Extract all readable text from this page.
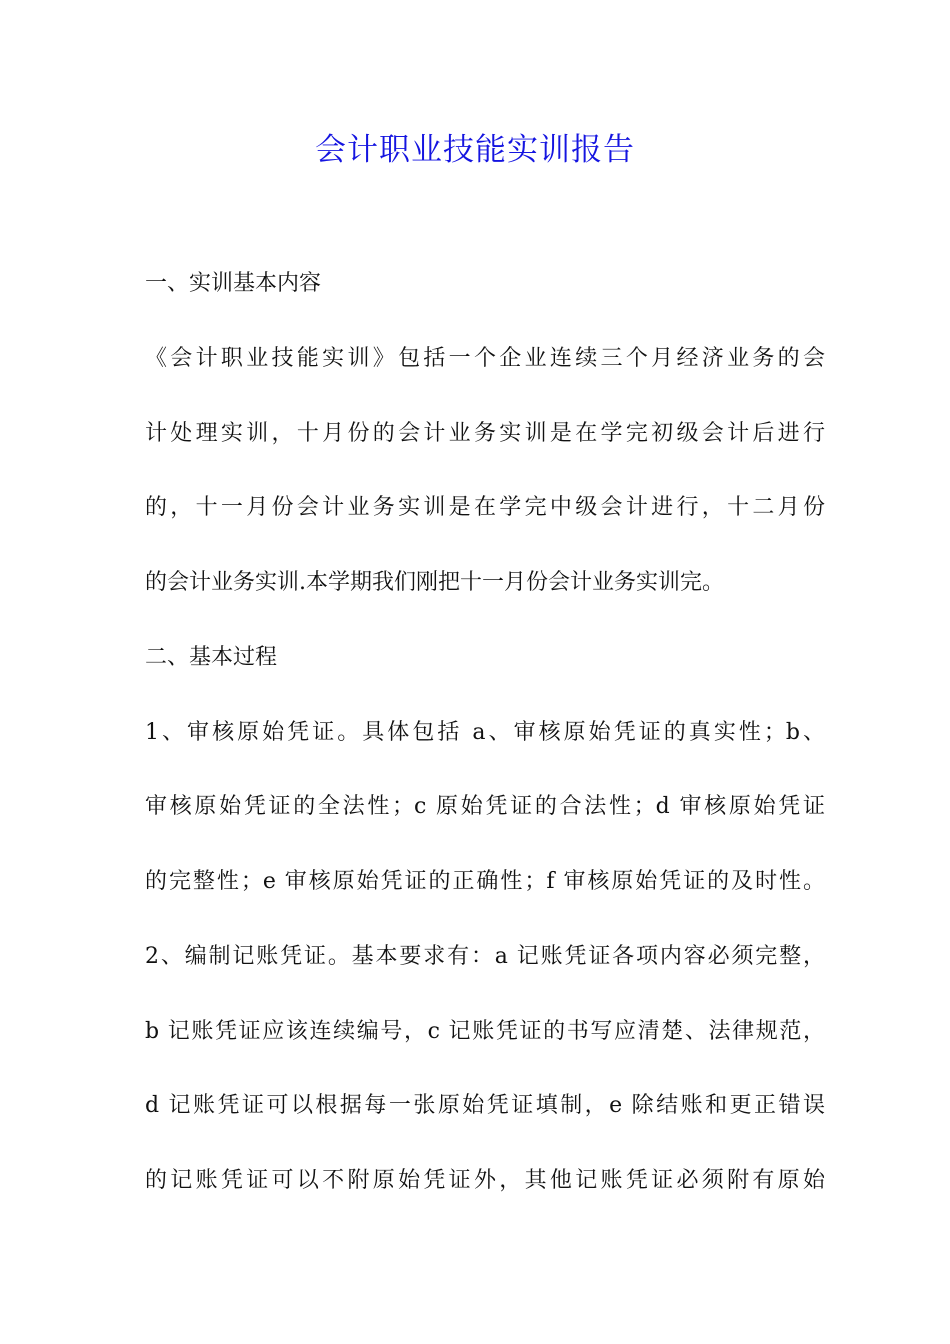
会计职业技能实训报告

一、实训基本内容

《会计职业技能实训》包括一个企业连续三个月经济业务的会

计处理实训，十月份的会计业务实训是在学完初级会计后进行

的，十一月份会计业务实训是在学完中级会计进行，十二月份

的会计业务实训.本学期我们刚把十一月份会计业务实训完。

二、基本过程

1、审核原始凭证。具体包括 a、审核原始凭证的真实性；b、

审核原始凭证的全法性；c 原始凭证的合法性；d 审核原始凭证

的完整性；e 审核原始凭证的正确性；f 审核原始凭证的及时性。

2、编制记账凭证。基本要求有：a 记账凭证各项内容必须完整，

b 记账凭证应该连续编号，c 记账凭证的书写应清楚、法律规范，

d 记账凭证可以根据每一张原始凭证填制，e 除结账和更正错误

的记账凭证可以不附原始凭证外，其他记账凭证必须附有原始
